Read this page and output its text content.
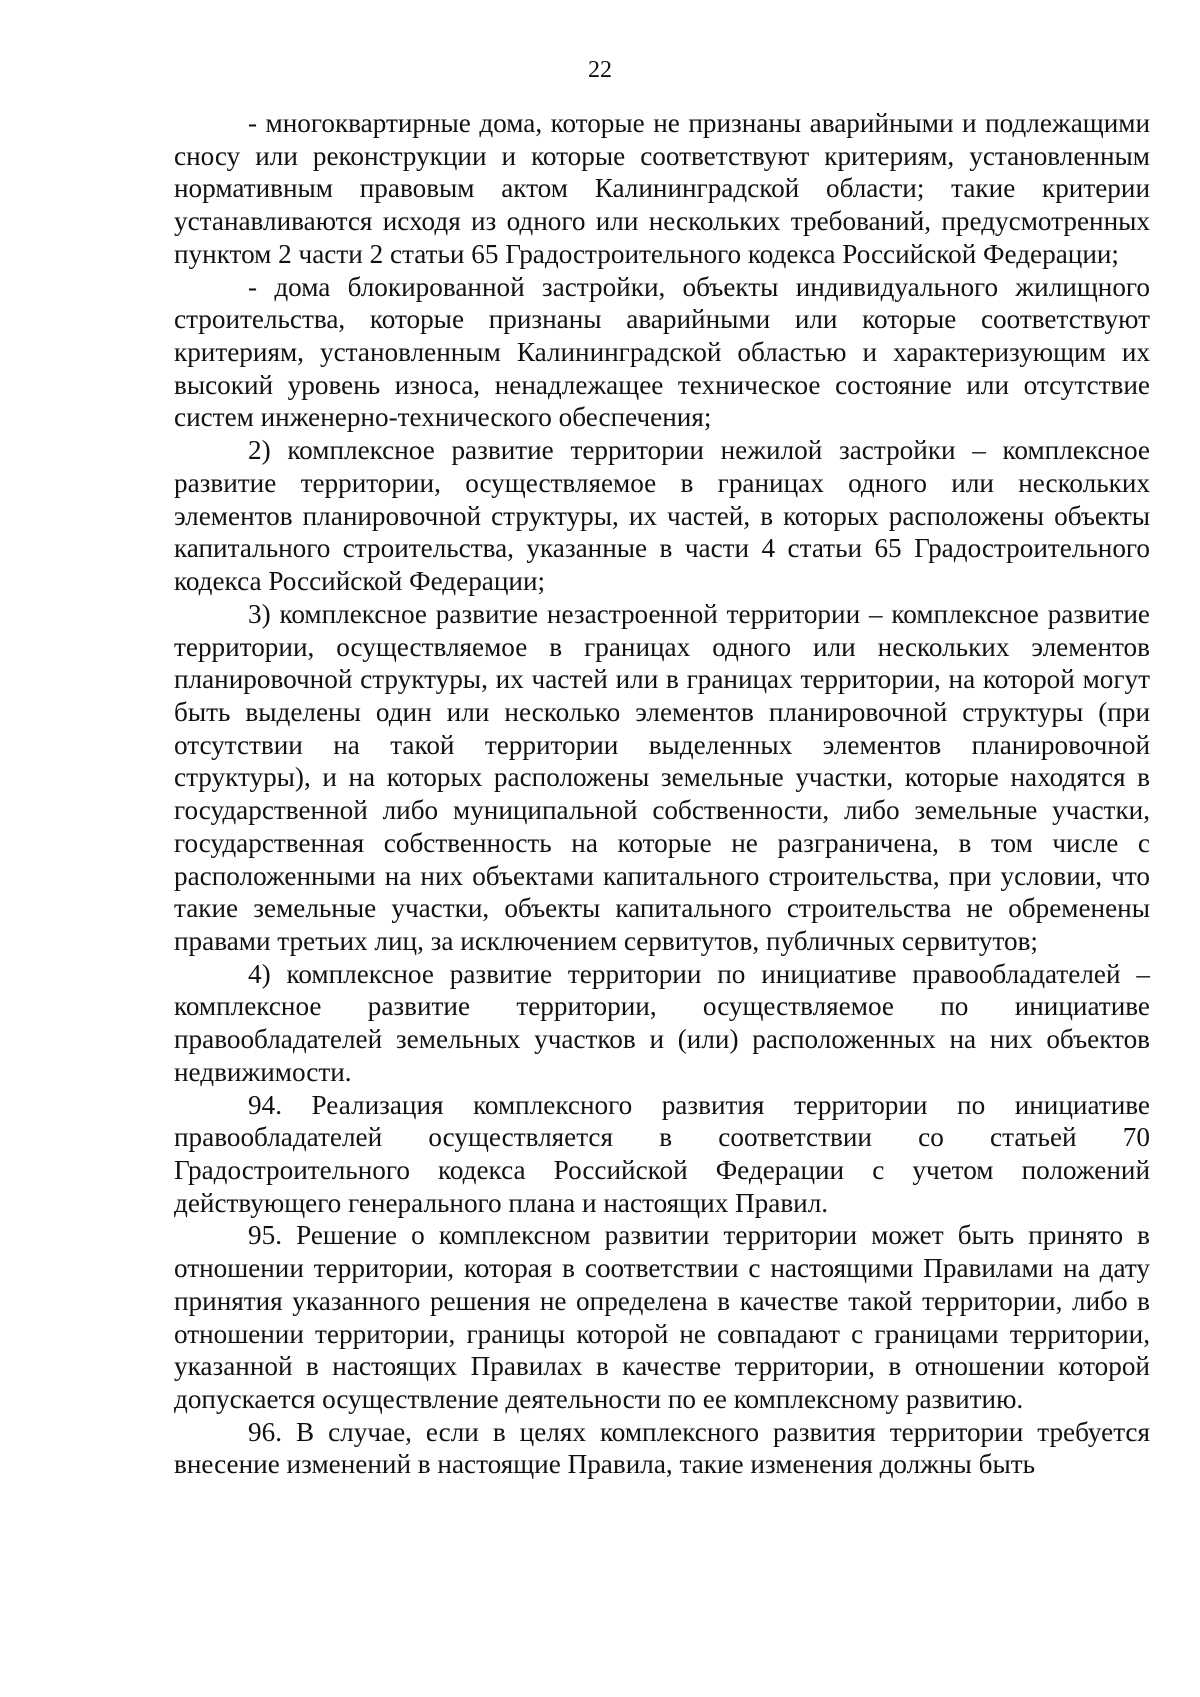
22

- многоквартирные дома, которые не признаны аварийными и подлежащими сносу или реконструкции и которые соответствуют критериям, установленным нормативным правовым актом Калининградской области; такие критерии устанавливаются исходя из одного или нескольких требований, предусмотренных пунктом 2 части 2 статьи 65 Градостроительного кодекса Российской Федерации;

- дома блокированной застройки, объекты индивидуального жилищного строительства, которые признаны аварийными или которые соответствуют критериям, установленным Калининградской областью и характеризующим их высокий уровень износа, ненадлежащее техническое состояние или отсутствие систем инженерно-технического обеспечения;

2) комплексное развитие территории нежилой застройки – комплексное развитие территории, осуществляемое в границах одного или нескольких элементов планировочной структуры, их частей, в которых расположены объекты капитального строительства, указанные в части 4 статьи 65 Градостроительного кодекса Российской Федерации;

3) комплексное развитие незастроенной территории – комплексное развитие территории, осуществляемое в границах одного или нескольких элементов планировочной структуры, их частей или в границах территории, на которой могут быть выделены один или несколько элементов планировочной структуры (при отсутствии на такой территории выделенных элементов планировочной структуры), и на которых расположены земельные участки, которые находятся в государственной либо муниципальной собственности, либо земельные участки, государственная собственность на которые не разграничена, в том числе с расположенными на них объектами капитального строительства, при условии, что такие земельные участки, объекты капитального строительства не обременены правами третьих лиц, за исключением сервитутов, публичных сервитутов;

4) комплексное развитие территории по инициативе правообладателей – комплексное развитие территории, осуществляемое по инициативе правообладателей земельных участков и (или) расположенных на них объектов недвижимости.

94. Реализация комплексного развития территории по инициативе правообладателей осуществляется в соответствии со статьей 70 Градостроительного кодекса Российской Федерации с учетом положений действующего генерального плана и настоящих Правил.

95. Решение о комплексном развитии территории может быть принято в отношении территории, которая в соответствии с настоящими Правилами на дату принятия указанного решения не определена в качестве такой территории, либо в отношении территории, границы которой не совпадают с границами территории, указанной в настоящих Правилах в качестве территории, в отношении которой допускается осуществление деятельности по ее комплексному развитию.

96. В случае, если в целях комплексного развития территории требуется внесение изменений в настоящие Правила, такие изменения должны быть
